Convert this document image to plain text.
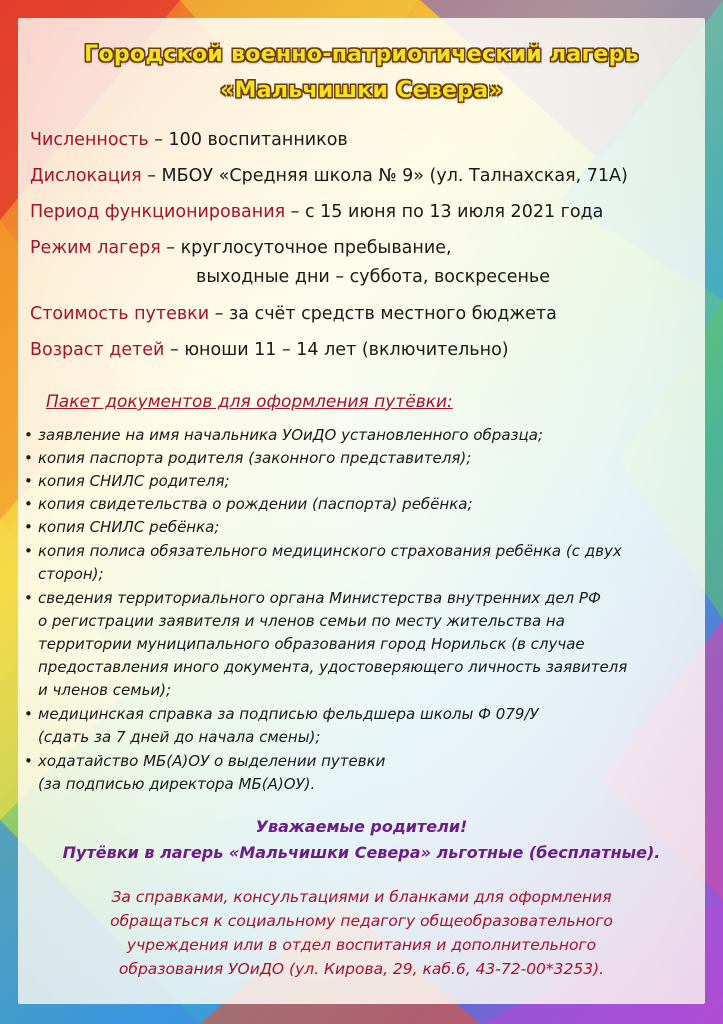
Городской военно-патриотический лагерь
«Мальчишки Севера»
Численность – 100 воспитанников
Дислокация – МБОУ «Средняя школа № 9» (ул. Талнахская, 71А)
Период функционирования – с 15 июня по 13 июля 2021 года
Режим лагеря – круглосуточное пребывание,
выходные дни – суббота, воскресенье
Стоимость путевки – за счёт средств местного бюджета
Возраст детей – юноши 11 – 14 лет (включительно)
Пакет документов для оформления путёвки:
• заявление на имя начальника УОиДО установленного образца;
• копия паспорта родителя (законного представителя);
• копия СНИЛС родителя;
• копия свидетельства о рождении (паспорта) ребёнка;
• копия СНИЛС ребёнка;
• копия полиса обязательного медицинского страхования ребёнка (с двух
сторон);
• сведения территориального органа Министерства внутренних дел РФ
о регистрации заявителя и членов семьи по месту жительства на
территории муниципального образования город Норильск (в случае
предоставления иного документа, удостоверяющего личность заявителя
и членов семьи);
• медицинская справка за подписью фельдшера школы Ф 079/У
(сдать за 7 дней до начала смены);
• ходатайство МБ(А)ОУ о выделении путевки
(за подписью директора МБ(А)ОУ).
Уважаемые родители!
Путёвки в лагерь «Мальчишки Севера» льготные (бесплатные).
За справками, консультациями и бланками для оформления
обращаться к социальному педагогу общеобразовательного
учреждения или в отдел воспитания и дополнительного
образования УОиДО (ул. Кирова, 29, каб.6, 43-72-00*3253).
